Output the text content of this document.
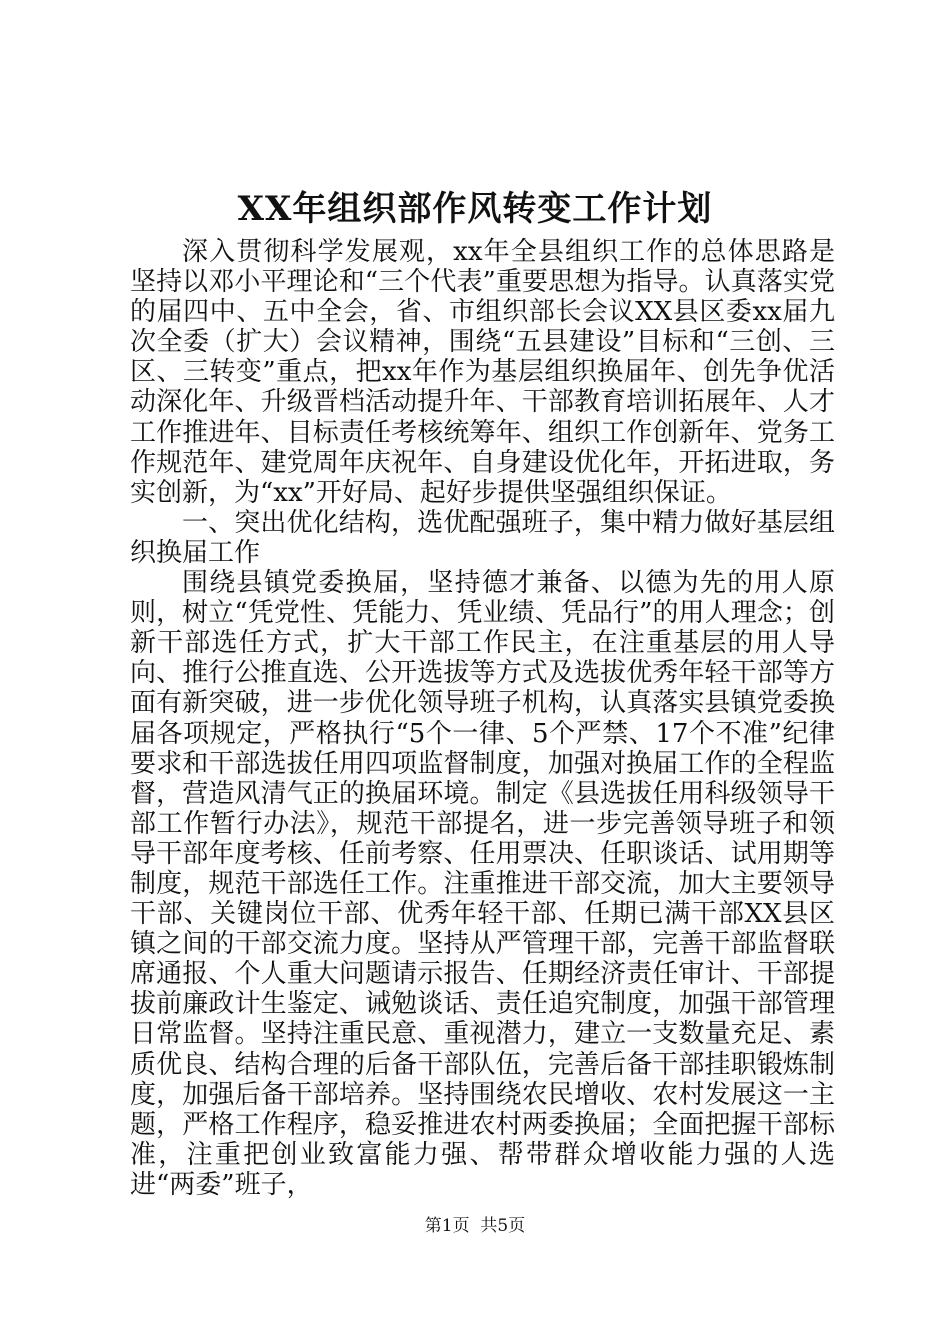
XX年组织部作风转变工作计划

深入贯彻科学发展观，xx年全县组织工作的总体思路是坚持以邓小平理论和“三个代表”重要思想为指导。认真落实党的届四中、五中全会，省、市组织部长会议XX县区委xx届九次全委（扩大）会议精神，围绕“五县建设”目标和“三创、三区、三转变”重点，把xx年作为基层组织换届年、创先争优活动深化年、升级晋档活动提升年、干部教育培训拓展年、人才工作推进年、目标责任考核统筹年、组织工作创新年、党务工作规范年、建党周年庆祝年、自身建设优化年，开拓进取，务实创新，为“xx”开好局、起好步提供坚强组织保证。

一、突出优化结构，选优配强班子，集中精力做好基层组织换届工作

围绕县镇党委换届，坚持德才兼备、以德为先的用人原则，树立“凭党性、凭能力、凭业绩、凭品行”的用人理念；创新干部选任方式，扩大干部工作民主，在注重基层的用人导向、推行公推直选、公开选拔等方式及选拔优秀年轻干部等方面有新突破，进一步优化领导班子机构，认真落实县镇党委换届各项规定，严格执行“5个一律、5个严禁、17个不准”纪律要求和干部选拔任用四项监督制度，加强对换届工作的全程监督，营造风清气正的换届环境。制定《县选拔任用科级领导干部工作暂行办法》，规范干部提名，进一步完善领导班子和领导干部年度考核、任前考察、任用票决、任职谈话、试用期等制度，规范干部选任工作。注重推进干部交流，加大主要领导干部、关键岗位干部、优秀年轻干部、任期已满干部XX县区镇之间的干部交流力度。坚持从严管理干部，完善干部监督联席通报、个人重大问题请示报告、任期经济责任审计、干部提拔前廉政计生鉴定、诫勉谈话、责任追究制度，加强干部管理日常监督。坚持注重民意、重视潜力，建立一支数量充足、素质优良、结构合理的后备干部队伍，完善后备干部挂职锻炼制度，加强后备干部培养。坚持围绕农民增收、农村发展这一主题，严格工作程序，稳妥推进农村两委换届；全面把握干部标准，注重把创业致富能力强、帮带群众增收能力强的人选进“两委”班子，

第1页  共5页
